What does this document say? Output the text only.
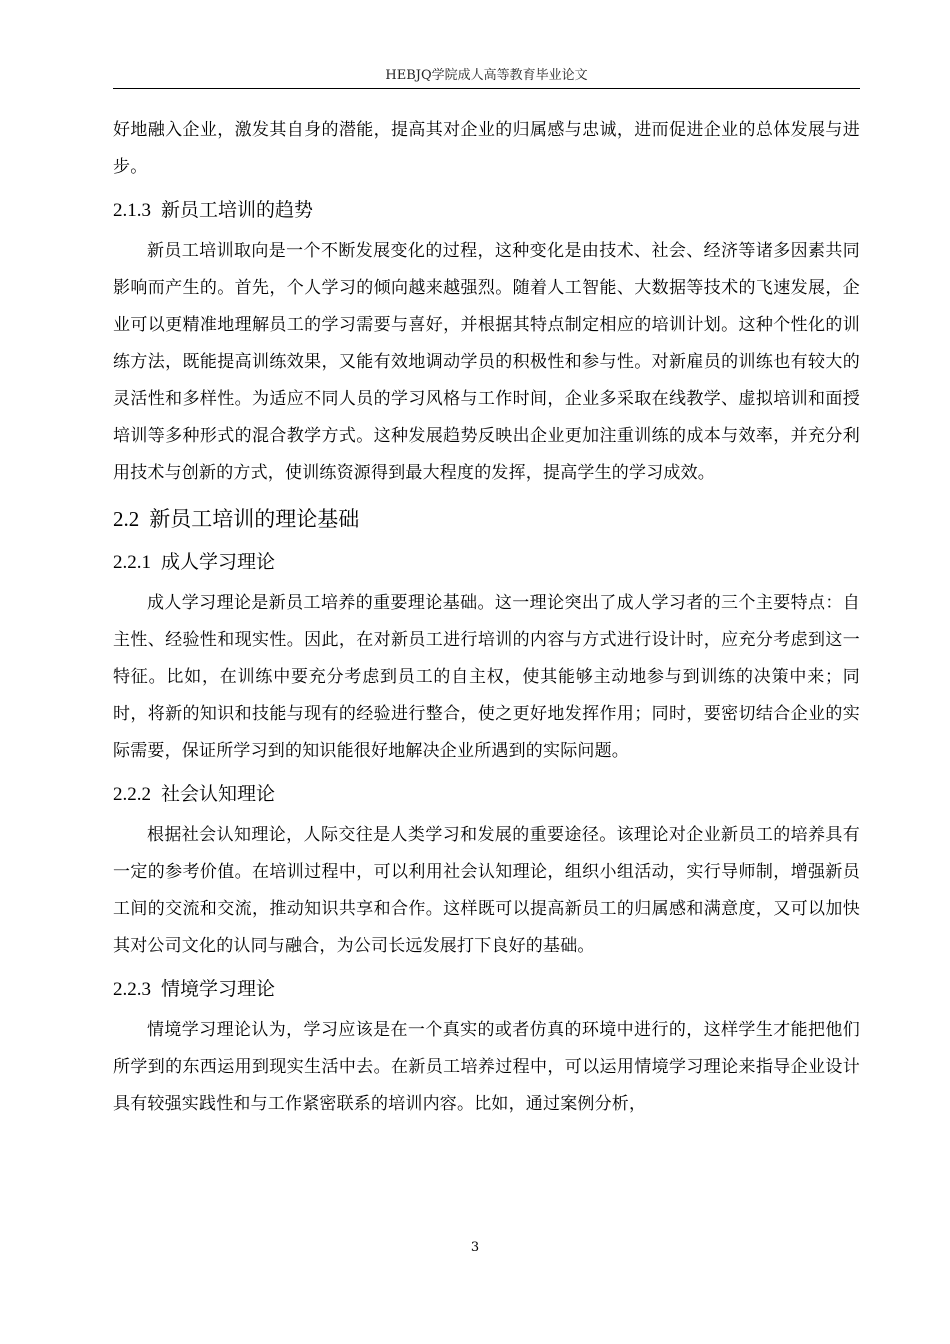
HEBJQ学院成人高等教育毕业论文

好地融入企业，激发其自身的潜能，提高其对企业的归属感与忠诚，进而促进企业的总体发展与进步。

2.1.3 新员工培训的趋势

新员工培训取向是一个不断发展变化的过程，这种变化是由技术、社会、经济等诸多因素共同影响而产生的。首先，个人学习的倾向越来越强烈。随着人工智能、大数据等技术的飞速发展，企业可以更精准地理解员工的学习需要与喜好，并根据其特点制定相应的培训计划。这种个性化的训练方法，既能提高训练效果，又能有效地调动学员的积极性和参与性。对新雇员的训练也有较大的灵活性和多样性。为适应不同人员的学习风格与工作时间，企业多采取在线教学、虚拟培训和面授培训等多种形式的混合教学方式。这种发展趋势反映出企业更加注重训练的成本与效率，并充分利用技术与创新的方式，使训练资源得到最大程度的发挥，提高学生的学习成效。

2.2 新员工培训的理论基础
2.2.1 成人学习理论

成人学习理论是新员工培养的重要理论基础。这一理论突出了成人学习者的三个主要特点：自主性、经验性和现实性。因此，在对新员工进行培训的内容与方式进行设计时，应充分考虑到这一特征。比如，在训练中要充分考虑到员工的自主权，使其能够主动地参与到训练的决策中来；同时，将新的知识和技能与现有的经验进行整合，使之更好地发挥作用；同时，要密切结合企业的实际需要，保证所学习到的知识能很好地解决企业所遇到的实际问题。

2.2.2 社会认知理论

根据社会认知理论，人际交往是人类学习和发展的重要途径。该理论对企业新员工的培养具有一定的参考价值。在培训过程中，可以利用社会认知理论，组织小组活动，实行导师制，增强新员工间的交流和交流，推动知识共享和合作。这样既可以提高新员工的归属感和满意度，又可以加快其对公司文化的认同与融合，为公司长远发展打下良好的基础。

2.2.3 情境学习理论

情境学习理论认为，学习应该是在一个真实的或者仿真的环境中进行的，这样学生才能把他们所学到的东西运用到现实生活中去。在新员工培养过程中，可以运用情境学习理论来指导企业设计具有较强实践性和与工作紧密联系的培训内容。比如，通过案例分析，

3
